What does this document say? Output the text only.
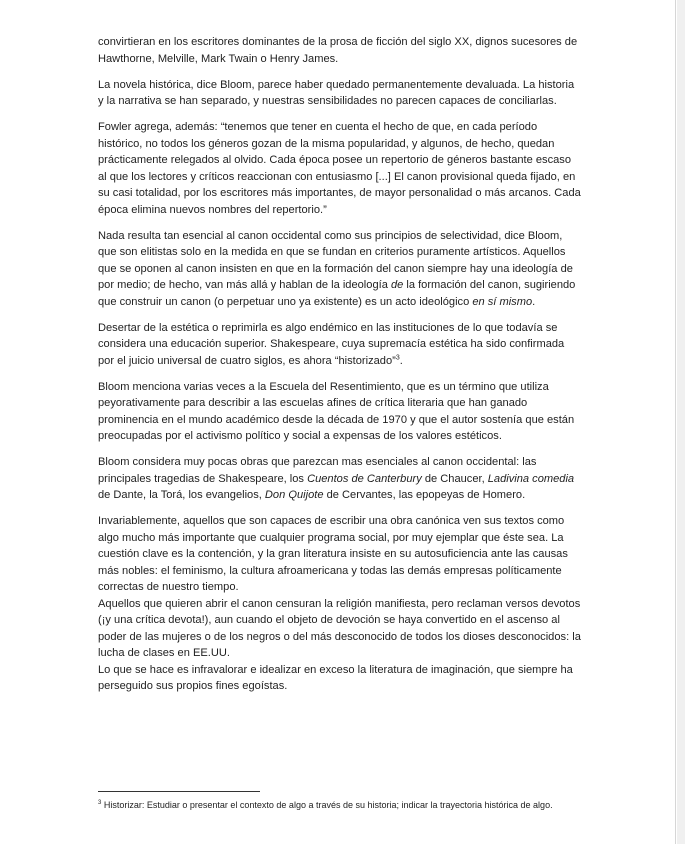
convirtieran en los escritores dominantes de la prosa de ficción del siglo XX, dignos sucesores de Hawthorne, Melville, Mark Twain o Henry James.

La novela histórica, dice Bloom, parece haber quedado permanentemente devaluada. La historia y la narrativa se han separado, y nuestras sensibilidades no parecen capaces de conciliarlas.

Fowler agrega, además: “tenemos que tener en cuenta el hecho de que, en cada período histórico, no todos los géneros gozan de la misma popularidad, y algunos, de hecho, quedan prácticamente relegados al olvido. Cada época posee un repertorio de géneros bastante escaso al que los lectores y críticos reaccionan con entusiasmo [...] El canon provisional queda fijado, en su casi totalidad, por los escritores más importantes, de mayor personalidad o más arcanos. Cada época elimina nuevos nombres del repertorio.”

Nada resulta tan esencial al canon occidental como sus principios de selectividad, dice Bloom, que son elitistas solo en la medida en que se fundan en criterios puramente artísticos. Aquellos que se oponen al canon insisten en que en la formación del canon siempre hay una ideología de por medio; de hecho, van más allá y hablan de la ideología de la formación del canon, sugiriendo que construir un canon (o perpetuar uno ya existente) es un acto ideológico en sí mismo.

Desertar de la estética o reprimirla es algo endémico en las instituciones de lo que todavía se considera una educación superior. Shakespeare, cuya supremacía estética ha sido confirmada por el juicio universal de cuatro siglos, es ahora “historizado”$^3$.

Bloom menciona varias veces a la Escuela del Resentimiento, que es un término que utiliza peyorativamente para describir a las escuelas afines de crítica literaria que han ganado prominencia en el mundo académico desde la década de 1970 y que el autor sostenía que están preocupadas por el activismo político y social a expensas de los valores estéticos.

Bloom considera muy pocas obras que parezcan mas esenciales al canon occidental: las principales tragedias de Shakespeare, los Cuentos de Canterbury de Chaucer, Ladivina comedia de Dante, la Torá, los evangelios, Don Quijote de Cervantes, las epopeyas de Homero.

Invariablemente, aquellos que son capaces de escribir una obra canónica ven sus textos como algo mucho más importante que cualquier programa social, por muy ejemplar que éste sea. La cuestión clave es la contención, y la gran literatura insiste en su autosuficiencia ante las causas más nobles: el feminismo, la cultura afroamericana y todas las demás empresas políticamente correctas de nuestro tiempo.

Aquellos que quieren abrir el canon censuran la religión manifiesta, pero reclaman versos devotos (¡y una crítica devota!), aun cuando el objeto de devoción se haya convertido en el ascenso al poder de las mujeres o de los negros o del más desconocido de todos los dioses desconocidos: la lucha de clases en EE.UU.

Lo que se hace es infravalorar e idealizar en exceso la literatura de imaginación, que siempre ha perseguido sus propios fines egoístas.

$^3$ Historizar: Estudiar o presentar el contexto de algo a través de su historia; indicar la trayectoria histórica de algo.
